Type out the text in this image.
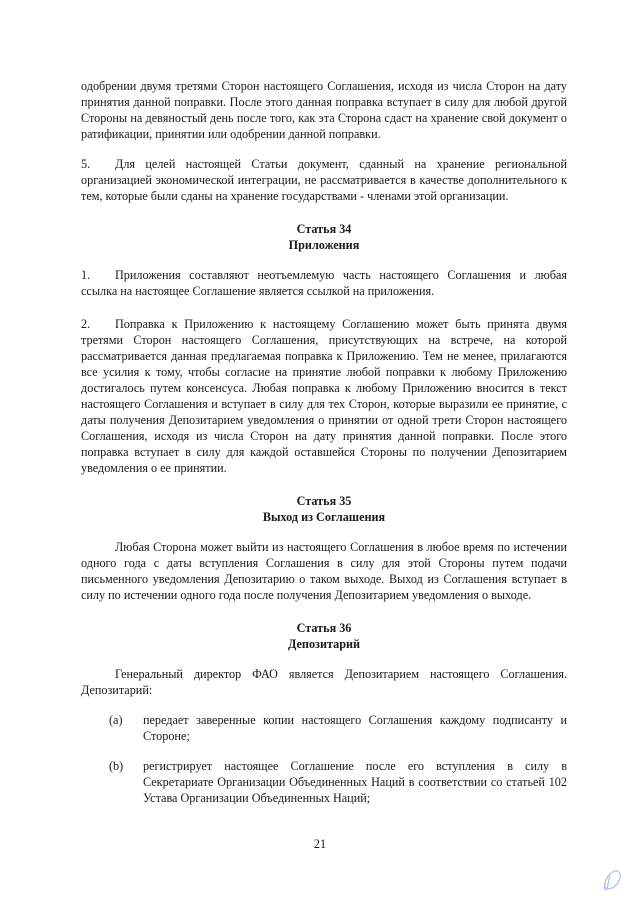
одобрении двумя третями Сторон настоящего Соглашения, исходя из числа Сторон на дату принятия данной поправки. После этого данная поправка вступает в силу для любой другой Стороны на девяностый день после того, как эта Сторона сдаст на хранение свой документ о ратификации, принятии или одобрении данной поправки.

5. Для целей настоящей Статьи документ, сданный на хранение региональной организацией экономической интеграции, не рассматривается в качестве дополнительного к тем, которые были сданы на хранение государствами - членами этой организации.

Статья 34
Приложения

1. Приложения составляют неотъемлемую часть настоящего Соглашения и любая ссылка на настоящее Соглашение является ссылкой на приложения.

2. Поправка к Приложению к настоящему Соглашению может быть принята двумя третями Сторон настоящего Соглашения, присутствующих на встрече, на которой рассматривается данная предлагаемая поправка к Приложению. Тем не менее, прилагаются все усилия к тому, чтобы согласие на принятие любой поправки к любому Приложению достигалось путем консенсуса. Любая поправка к любому Приложению вносится в текст настоящего Соглашения и вступает в силу для тех Сторон, которые выразили ее принятие, с даты получения Депозитарием уведомления о принятии от одной трети Сторон настоящего Соглашения, исходя из числа Сторон на дату принятия данной поправки. После этого поправка вступает в силу для каждой оставшейся Стороны по получении Депозитарием уведомления о ее принятии.

Статья 35
Выход из Соглашения

Любая Сторона может выйти из настоящего Соглашения в любое время по истечении одного года с даты вступления Соглашения в силу для этой Стороны путем подачи письменного уведомления Депозитарию о таком выходе. Выход из Соглашения вступает в силу по истечении одного года после получения Депозитарием уведомления о выходе.

Статья 36
Депозитарий

Генеральный директор ФАО является Депозитарием настоящего Соглашения. Депозитарий:

(a)	передает заверенные копии настоящего Соглашения каждому подписанту и Стороне;
(b)	регистрирует настоящее Соглашение после его вступления в силу в Секретариате Организации Объединенных Наций в соответствии со статьей 102 Устава Организации Объединенных Наций;
21
